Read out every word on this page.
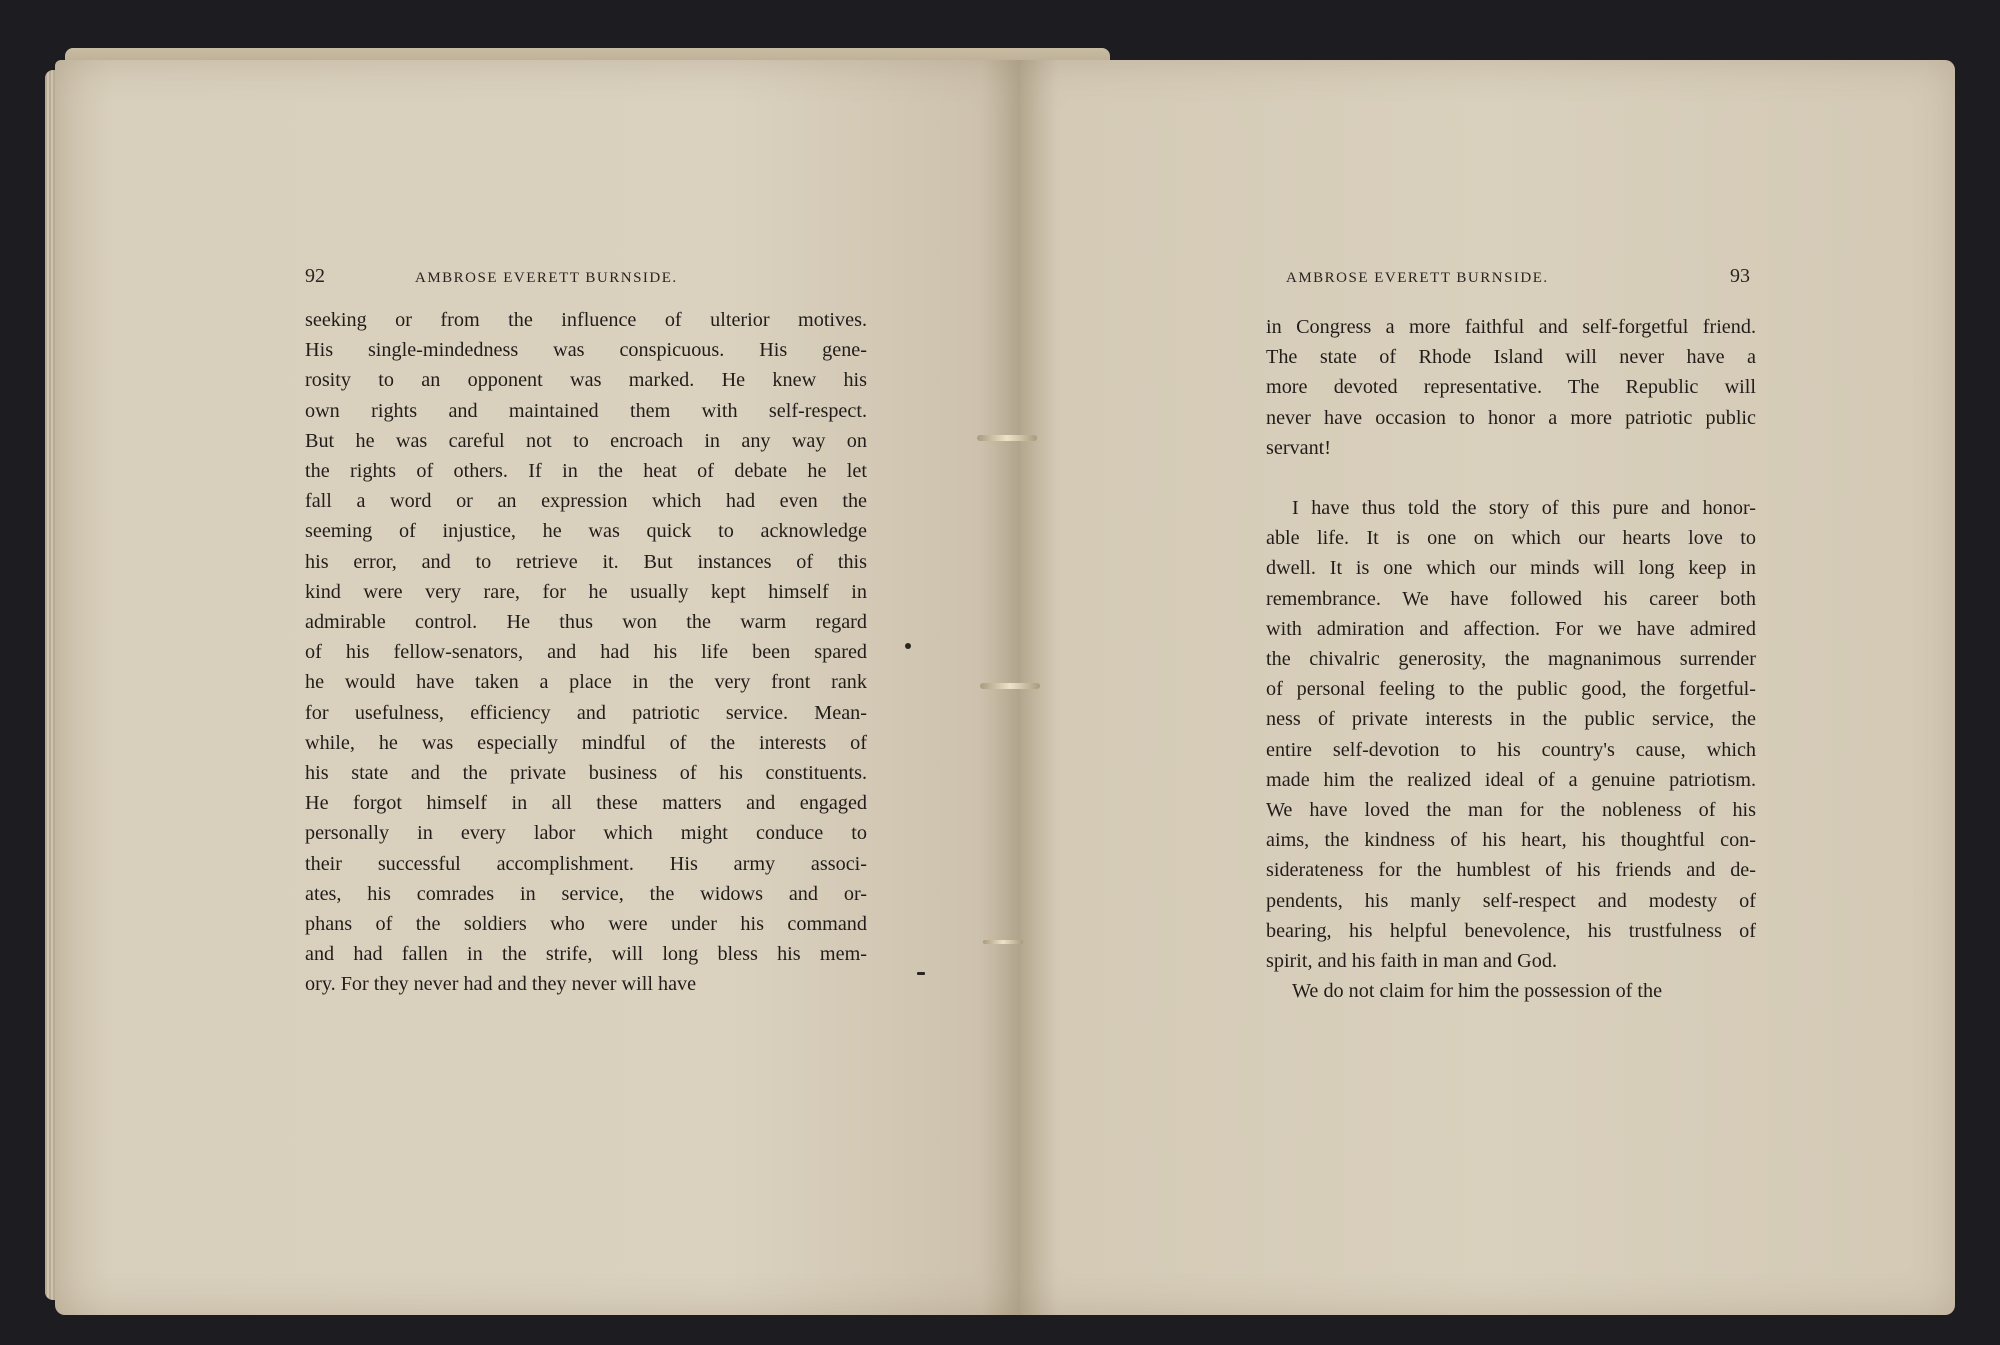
92	AMBROSE EVERETT BURNSIDE.

seeking or from the influence of ulterior motives.

His single-mindedness was conspicuous. His gene-

rosity to an opponent was marked. He knew his

own rights and maintained them with self-respect.

But he was careful not to encroach in any way on

the rights of others. If in the heat of debate he let

fall a word or an expression which had even the

seeming of injustice, he was quick to acknowledge

his error, and to retrieve it. But instances of this

kind were very rare, for he usually kept himself in

admirable control. He thus won the warm regard

of his fellow-senators, and had his life been spared

he would have taken a place in the very front rank

for usefulness, efficiency and patriotic service. Mean-

while, he was especially mindful of the interests of

his state and the private business of his constituents.

He forgot himself in all these matters and engaged

personally in every labor which might conduce to

their successful accomplishment. His army associ-

ates, his comrades in service, the widows and or-

phans of the soldiers who were under his command

and had fallen in the strife, will long bless his mem-

ory. For they never had and they never will have

AMBROSE EVERETT BURNSIDE.	93

in Congress a more faithful and self-forgetful friend.

The state of Rhode Island will never have a

more devoted representative. The Republic will

never have occasion to honor a more patriotic public

servant!

I have thus told the story of this pure and honor-

able life. It is one on which our hearts love to

dwell. It is one which our minds will long keep in

remembrance. We have followed his career both

with admiration and affection. For we have admired

the chivalric generosity, the magnanimous surrender

of personal feeling to the public good, the forgetful-

ness of private interests in the public service, the

entire self-devotion to his country's cause, which

made him the realized ideal of a genuine patriotism.

We have loved the man for the nobleness of his

aims, the kindness of his heart, his thoughtful con-

siderateness for the humblest of his friends and de-

pendents, his manly self-respect and modesty of

bearing, his helpful benevolence, his trustfulness of

spirit, and his faith in man and God.

We do not claim for him the possession of the
